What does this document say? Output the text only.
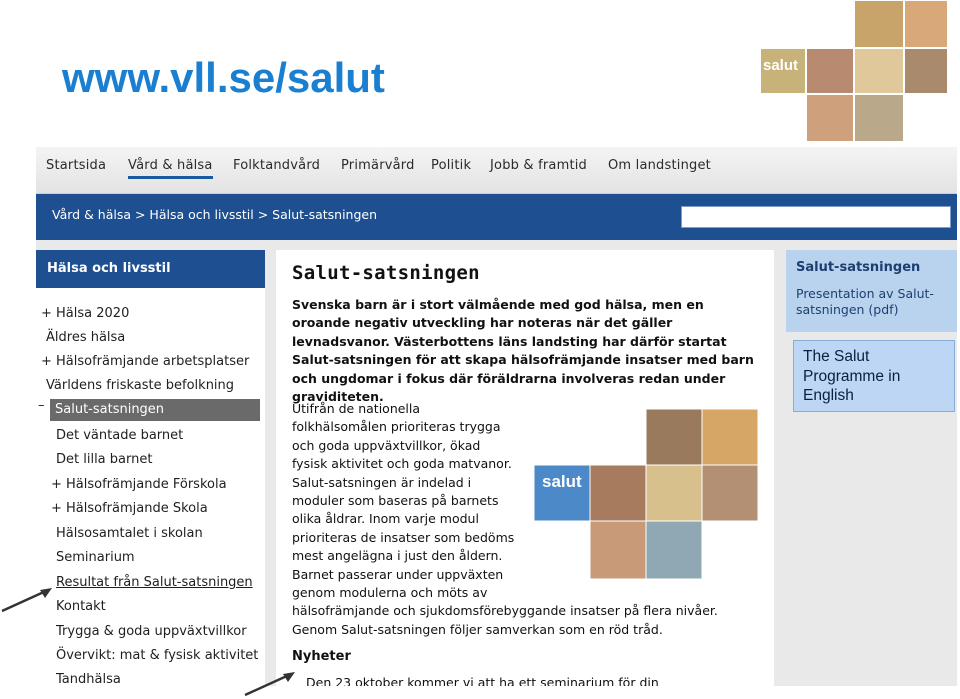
www.vll.se/salut	salut
Startsida Vård & hälsa Folktandvård Primärvård Politik Jobb & framtid Om landstinget
Vård & hälsa > Hälsa och livsstil > Salut-satsningen
Hälsa och livsstil
+ Hälsa 2020
Äldres hälsa
+ Hälsofrämjande arbetsplatser
Världens friskaste befolkning
– Salut-satsningen
Det väntade barnet
Det lilla barnet
+ Hälsofrämjande Förskola
+ Hälsofrämjande Skola
Hälsosamtalet i skolan
Seminarium
Resultat från Salut-satsningen
Kontakt
Trygga & goda uppväxtvillkor
Övervikt: mat & fysisk aktivitet
Tandhälsa
Salut-satsningen
Svenska barn är i stort välmående med god hälsa, men en oroande negativ utveckling har noteras när det gäller levnadsvanor. Västerbottens läns landsting har därför startat Salut-satsningen för att skapa hälsofrämjande insatser med barn och ungdomar i fokus där föräldrarna involveras redan under graviditeten.
Utifrån de nationella
folkhälsomålen prioriteras trygga
och goda uppväxtvillkor, ökad
fysisk aktivitet och goda matvanor.
Salut-satsningen är indelad i
moduler som baseras på barnets
olika åldrar. Inom varje modul
prioriteras de insatser som bedöms
mest angelägna i just den åldern.
Barnet passerar under uppväxten
genom modulerna och möts av
hälsofrämjande och sjukdomsförebyggande insatser på flera nivåer.
Genom Salut-satsningen följer samverkan som en röd tråd.
salut
Nyheter
Den 23 oktober kommer vi att ha ett seminarium för din
Salut-satsningen
Presentation av Salut-satsningen (pdf)
The Salut Programme in English
